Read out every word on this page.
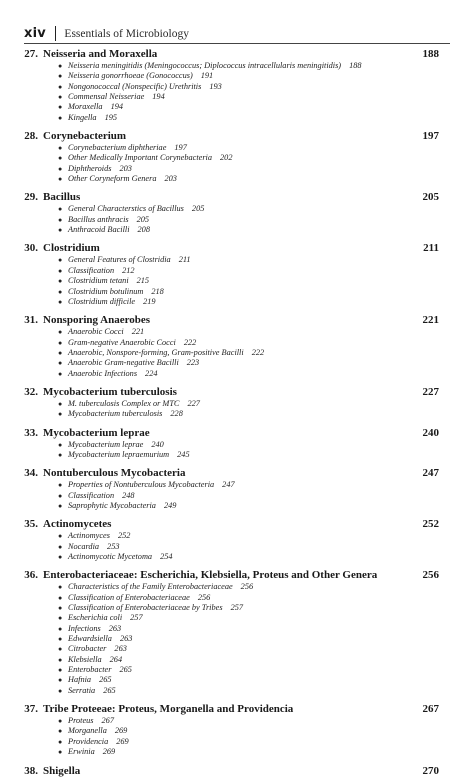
xiv Essentials of Microbiology
27. Neisseria and Moraxella	188
● Neisseria meningitidis (Meningococcus; Diplococcus intracellularis meningitidis) 188
● Neisseria gonorrhoeae (Gonococcus) 191
● Nongonococcal (Nonspecific) Urethritis 193
● Commensal Neisseriae 194
● Moraxella 194
● Kingella 195
28. Corynebacterium	197
● Corynebacterium diphtheriae 197
● Other Medically Important Corynebacteria 202
● Diphtheroids 203
● Other Coryneform Genera 203
29. Bacillus	205
● General Characterstics of Bacillus 205
● Bacillus anthracis 205
● Anthracoid Bacilli 208
30. Clostridium	211
● General Features of Clostridia 211
● Classification 212
● Clostridium tetani 215
● Clostridium botulinum 218
● Clostridium difficile 219
31. Nonsporing Anaerobes	221
● Anaerobic Cocci 221
● Gram-negative Anaerobic Cocci 222
● Anaerobic, Nonspore-forming, Gram-positive Bacilli 222
● Anaerobic Gram-negative Bacilli 223
● Anaerobic Infections 224
32. Mycobacterium tuberculosis	227
● M. tuberculosis Complex or MTC 227
● Mycobacterium tuberculosis 228
33. Mycobacterium leprae	240
● Mycobacterium leprae 240
● Mycobacterium lepraemurium 245
34. Nontuberculous Mycobacteria	247
● Properties of Nontuberculous Mycobacteria 247
● Classification 248
● Saprophytic Mycobacteria 249
35. Actinomycetes	252
● Actinomyces 252
● Nocardia 253
● Actinomycotic Mycetoma 254
36. Enterobacteriaceae: Escherichia, Klebsiella, Proteus and Other Genera	256
● Characteristics of the Family Enterobacteriaceae 256
● Classification of Enterobacteriaceae 256
● Classification of Enterobacteriaceae by Tribes 257
● Escherichia coli 257
● Infections 263
● Edwardsiella 263
● Citrobacter 263
● Klebsiella 264
● Enterobacter 265
● Hafnia 265
● Serratia 265
37. Tribe Proteeae: Proteus, Morganella and Providencia	267
● Proteus 267
● Morganella 269
● Providencia 269
● Erwinia 269
38. Shigella	270
